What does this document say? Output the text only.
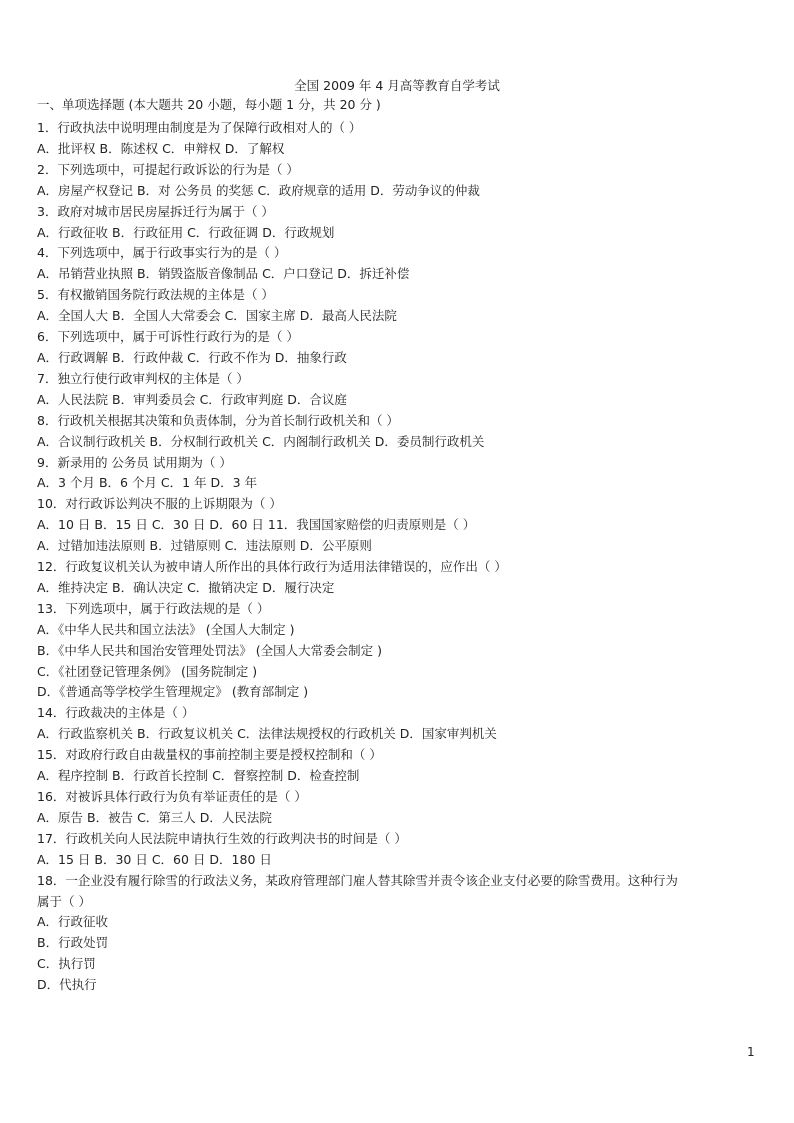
全国 2009 年 4 月高等教育自学考试
一、单项选择题 (本大题共 20 小题，每小题 1 分，共 20 分 )
1．行政执法中说明理由制度是为了保障行政相对人的（ ）
A．批评权 B．陈述权 C．申辩权 D．了解权
2．下列选项中，可提起行政诉讼的行为是（ ）
A．房屋产权登记 B．对 公务员 的奖惩 C．政府规章的适用 D．劳动争议的仲裁
3．政府对城市居民房屋拆迁行为属于（ ）
A．行政征收 B．行政征用 C．行政征调 D．行政规划
4．下列选项中，属于行政事实行为的是（ ）
A．吊销营业执照 B．销毁盗版音像制品 C．户口登记 D．拆迁补偿
5．有权撤销国务院行政法规的主体是（ ）
A．全国人大 B．全国人大常委会 C．国家主席 D．最高人民法院
6．下列选项中，属于可诉性行政行为的是（ ）
A．行政调解 B．行政仲裁 C．行政不作为 D．抽象行政
7．独立行使行政审判权的主体是（ ）
A．人民法院 B．审判委员会 C．行政审判庭 D．合议庭
8．行政机关根据其决策和负责体制，分为首长制行政机关和（ ）
A．合议制行政机关 B．分权制行政机关 C．内阁制行政机关 D．委员制行政机关
9．新录用的 公务员 试用期为（ ）
A．3 个月 B．6 个月 C．1 年 D．3 年
10．对行政诉讼判决不服的上诉期限为（ ）
A．10 日 B．15 日 C．30 日 D．60 日 11．我国国家赔偿的归责原则是（ ）
A．过错加违法原则 B．过错原则 C．违法原则 D．公平原则
12．行政复议机关认为被申请人所作出的具体行政行为适用法律错误的，应作出（ ）
A．维持决定 B．确认决定 C．撤销决定 D．履行决定
13．下列选项中，属于行政法规的是（ ）
A．《中华人民共和国立法法》 (全国人大制定 )
B．《中华人民共和国治安管理处罚法》 (全国人大常委会制定 )
C．《社团登记管理条例》 (国务院制定 )
D．《普通高等学校学生管理规定》 (教育部制定 )
14．行政裁决的主体是（ ）
A．行政监察机关 B．行政复议机关 C．法律法规授权的行政机关 D．国家审判机关
15．对政府行政自由裁量权的事前控制主要是授权控制和（ ）
A．程序控制 B．行政首长控制 C．督察控制 D．检查控制
16．对被诉具体行政行为负有举证责任的是（ ）
A．原告 B．被告 C．第三人 D．人民法院
17．行政机关向人民法院申请执行生效的行政判决书的时间是（ ）
A．15 日 B．30 日 C．60 日 D．180 日
18．一企业没有履行除雪的行政法义务，某政府管理部门雇人替其除雪并责令该企业支付必要的除雪费用。这种行为
属于（ ）
A．行政征收
B．行政处罚
C．执行罚
D．代执行
1
